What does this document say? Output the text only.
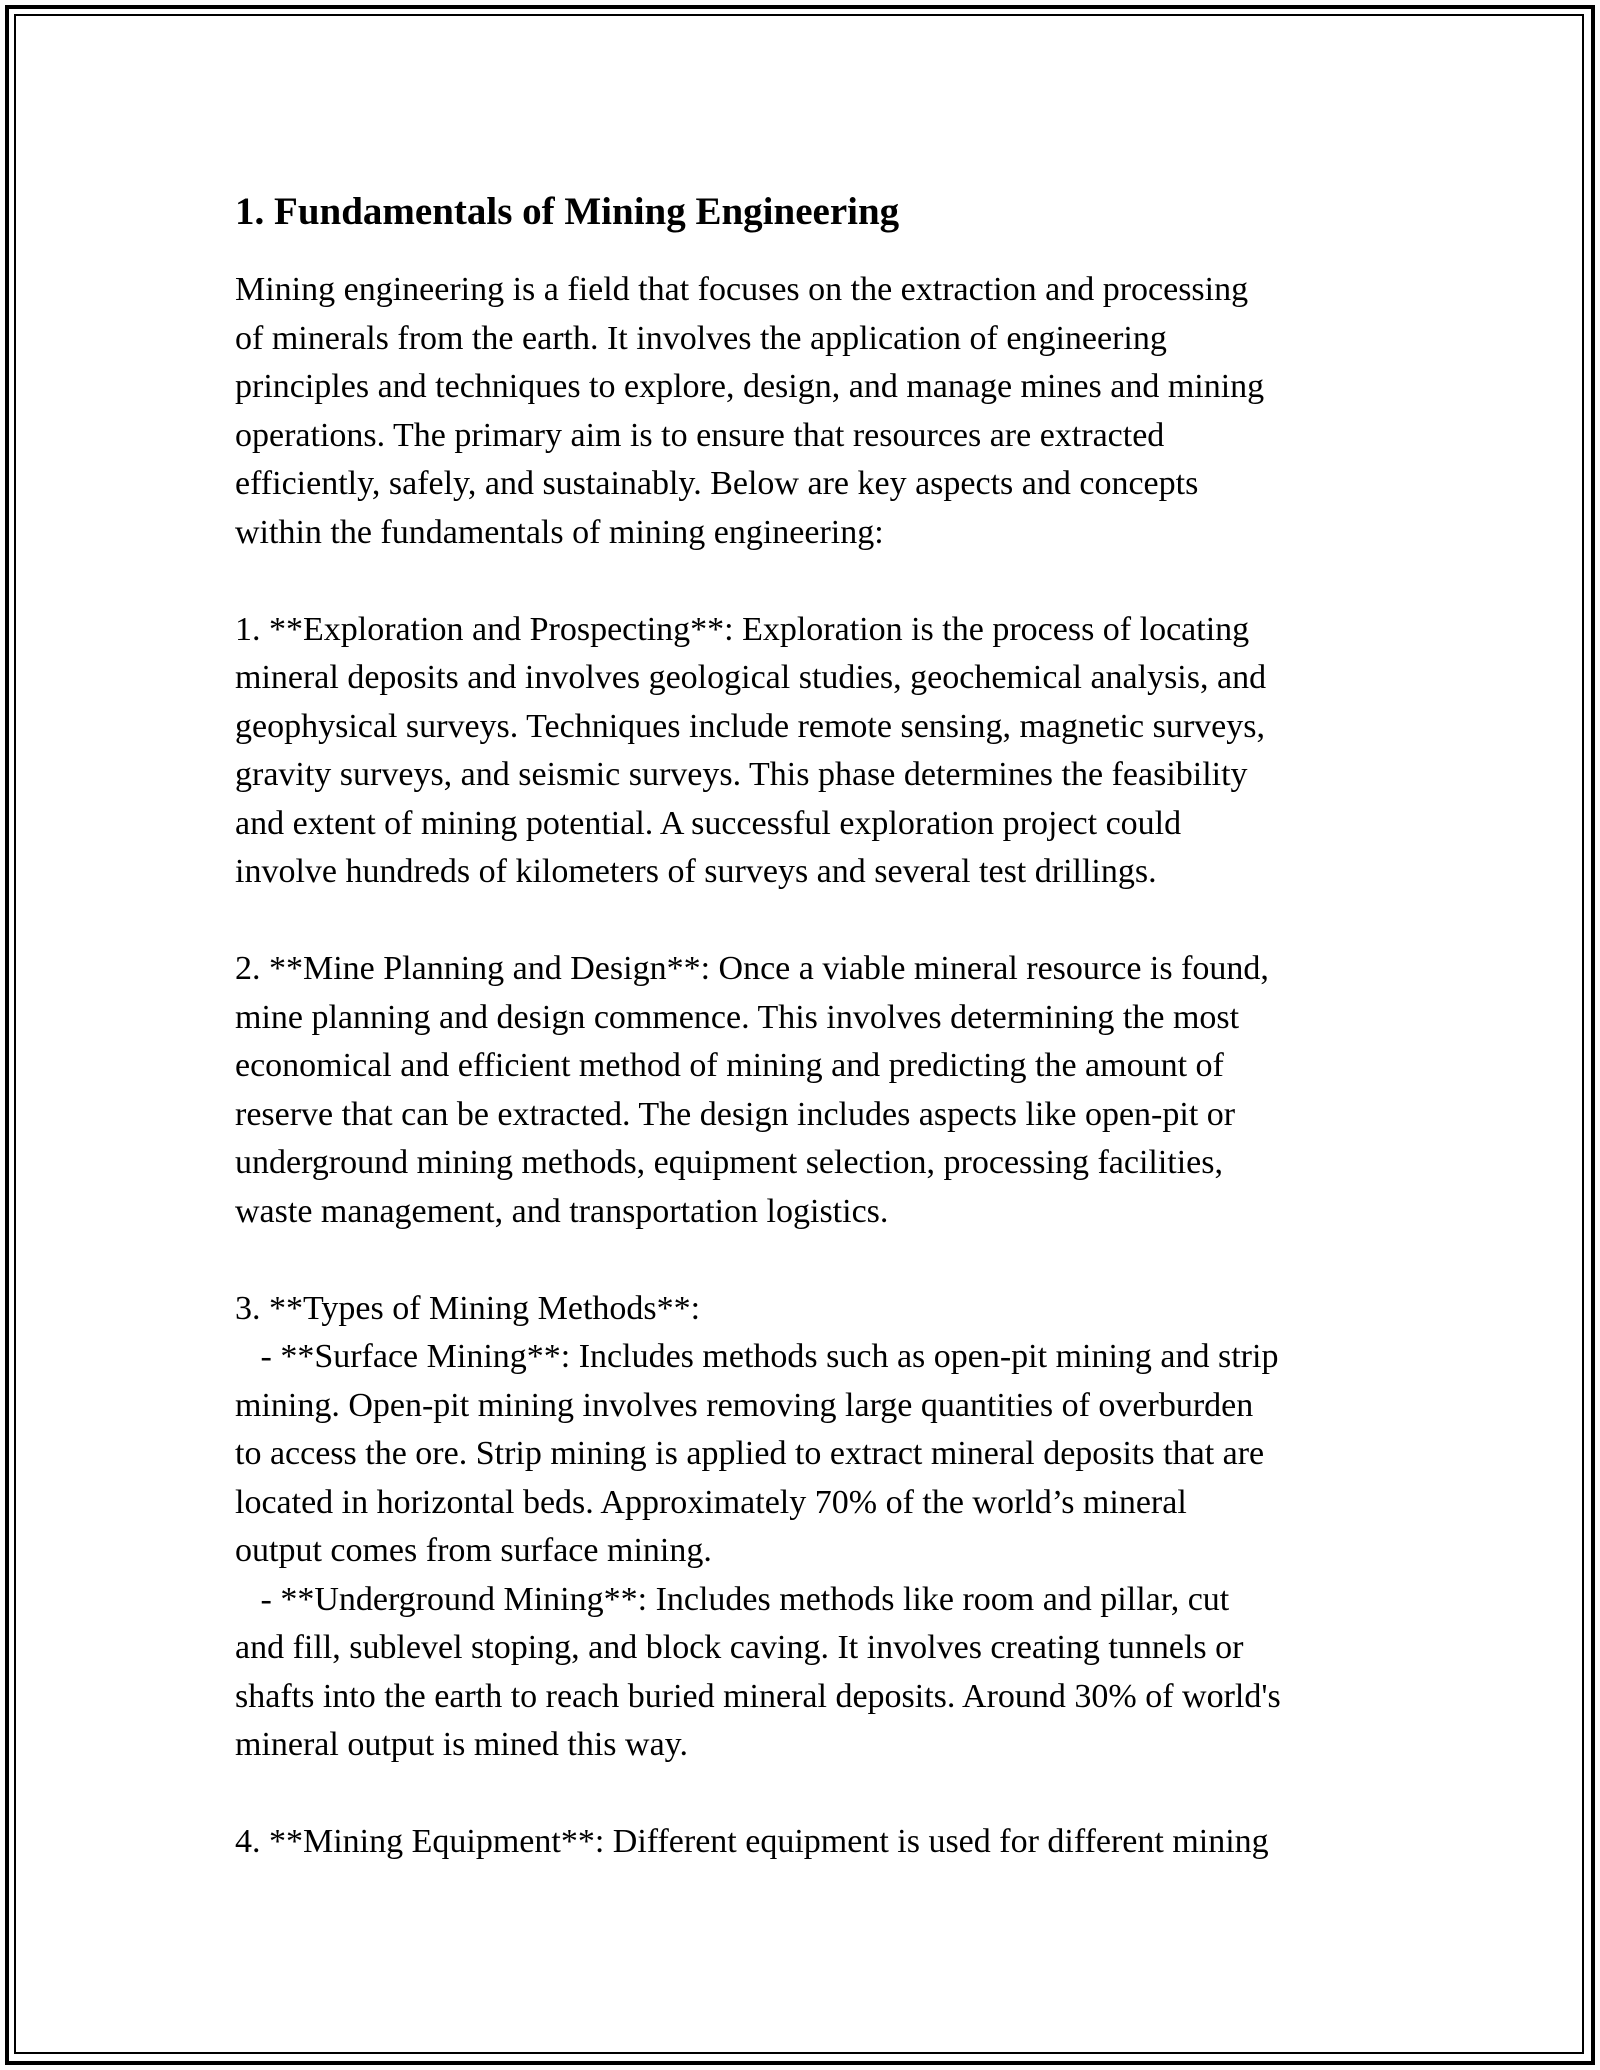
1. Fundamentals of Mining Engineering

Mining engineering is a field that focuses on the extraction and processing
of minerals from the earth. It involves the application of engineering
principles and techniques to explore, design, and manage mines and mining
operations. The primary aim is to ensure that resources are extracted
efficiently, safely, and sustainably. Below are key aspects and concepts
within the fundamentals of mining engineering:
1. **Exploration and Prospecting**: Exploration is the process of locating
mineral deposits and involves geological studies, geochemical analysis, and
geophysical surveys. Techniques include remote sensing, magnetic surveys,
gravity surveys, and seismic surveys. This phase determines the feasibility
and extent of mining potential. A successful exploration project could
involve hundreds of kilometers of surveys and several test drillings.
2. **Mine Planning and Design**: Once a viable mineral resource is found,
mine planning and design commence. This involves determining the most
economical and efficient method of mining and predicting the amount of
reserve that can be extracted. The design includes aspects like open-pit or
underground mining methods, equipment selection, processing facilities,
waste management, and transportation logistics.
3. **Types of Mining Methods**:
- **Surface Mining**: Includes methods such as open-pit mining and strip
mining. Open-pit mining involves removing large quantities of overburden
to access the ore. Strip mining is applied to extract mineral deposits that are
located in horizontal beds. Approximately 70% of the world’s mineral
output comes from surface mining.
- **Underground Mining**: Includes methods like room and pillar, cut
and fill, sublevel stoping, and block caving. It involves creating tunnels or
shafts into the earth to reach buried mineral deposits. Around 30% of world's
mineral output is mined this way.
4. **Mining Equipment**: Different equipment is used for different mining
